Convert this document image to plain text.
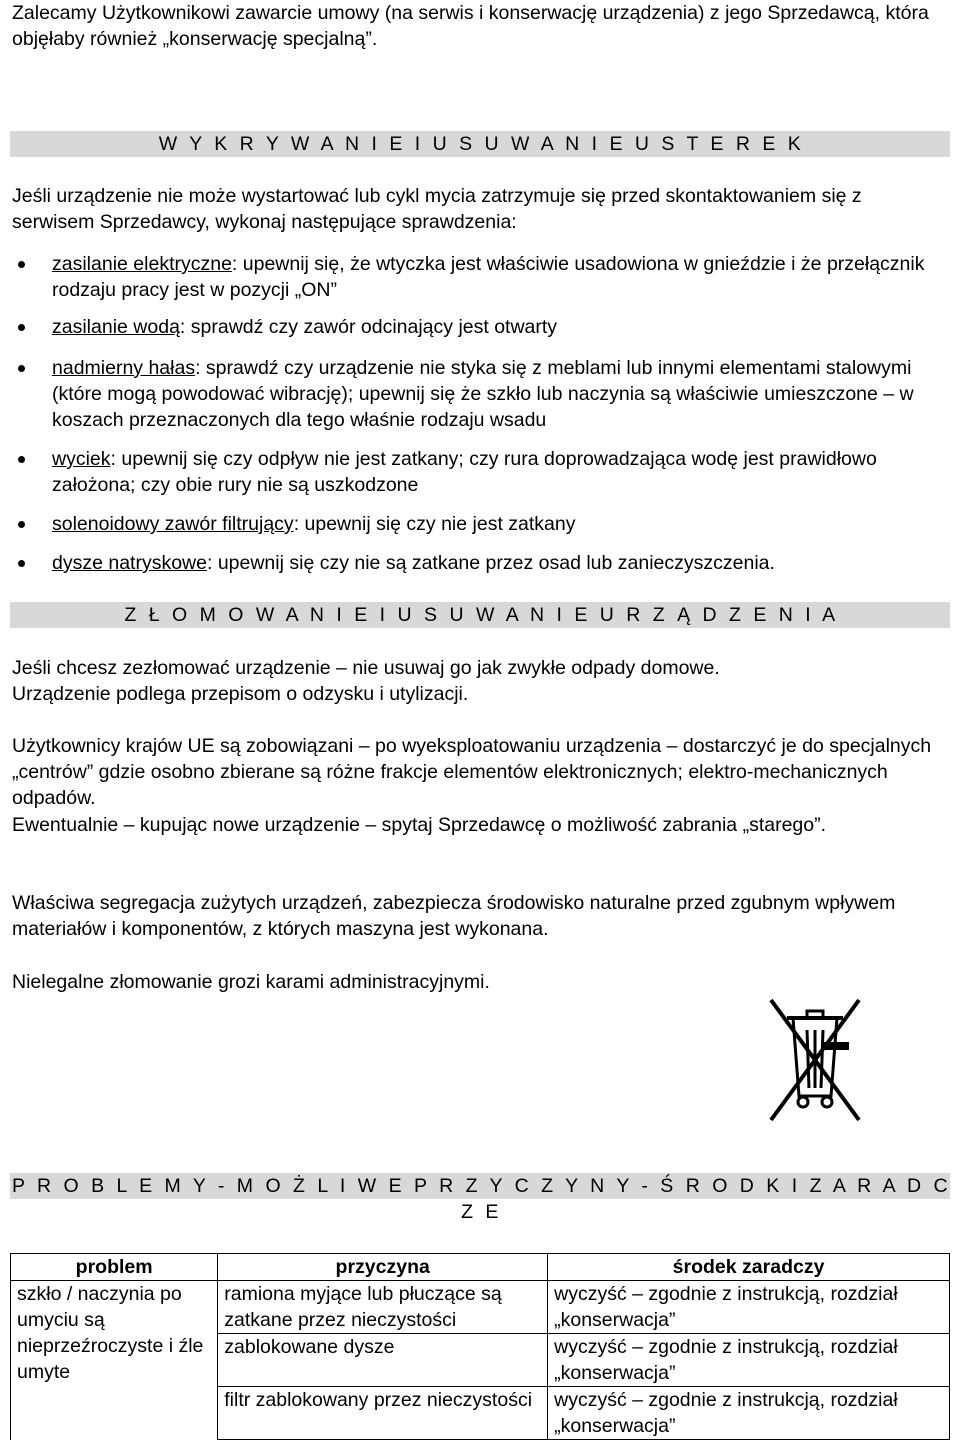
Zalecamy Użytkownikowi zawarcie umowy (na serwis i konserwację urządzenia) z jego Sprzedawcą, która objęłaby również „konserwację specjalną”.

W Y K R Y W A N I E I U S U W A N I E U S T E R E K

Jeśli urządzenie nie może wystartować lub cykl mycia zatrzymuje się przed skontaktowaniem się z serwisem Sprzedawcy, wykonaj następujące sprawdzenia:

zasilanie elektryczne: upewnij się, że wtyczka jest właściwie usadowiona w gnieździe i że przełącznik rodzaju pracy jest w pozycji „ON”
zasilanie wodą: sprawdź czy zawór odcinający jest otwarty
nadmierny hałas: sprawdź czy urządzenie nie styka się z meblami lub innymi elementami stalowymi (które mogą powodować wibrację); upewnij się że szkło lub naczynia są właściwie umieszczone – w koszach przeznaczonych dla tego właśnie rodzaju wsadu
wyciek: upewnij się czy odpływ nie jest zatkany; czy rura doprowadzająca wodę jest prawidłowo założona; czy obie rury nie są uszkodzone
solenoidowy zawór filtrujący: upewnij się czy nie jest zatkany
dysze natryskowe: upewnij się czy nie są zatkane przez osad lub zanieczyszczenia.
Z Ł O M O W A N I E I U S U W A N I E U R Z Ą D Z E N I A

Jeśli chcesz zezłomować urządzenie – nie usuwaj go jak zwykłe odpady domowe.

Urządzenie podlega przepisom o odzysku i utylizacji.

Użytkownicy krajów UE są zobowiązani – po wyeksploatowaniu urządzenia – dostarczyć je do specjalnych „centrów” gdzie osobno zbierane są różne frakcje elementów elektronicznych; elektro-mechanicznych odpadów.

Ewentualnie – kupując nowe urządzenie – spytaj Sprzedawcę o możliwość zabrania „starego”.

Właściwa segregacja zużytych urządzeń, zabezpiecza środowisko naturalne przed zgubnym wpływem materiałów i komponentów, z których maszyna jest wykonana.

Nielegalne złomowanie grozi karami administracyjnymi.

P R O B L E M Y - M O Ż L I W E P R Z Y C Z Y N Y - Ś R O D K I Z A R A D C Z E
problem	przyczyna	środek zaradczy
szkło / naczynia po umyciu są nieprzeźroczyste i źle umyte	ramiona myjące lub płuczące są zatkane przez nieczystości	wyczyść – zgodnie z instrukcją, rozdział „konserwacja”
	zablokowane dysze	wyczyść – zgodnie z instrukcją, rozdział „konserwacja”
	filtr zablokowany przez nieczystości	wyczyść – zgodnie z instrukcją, rozdział „konserwacja”
